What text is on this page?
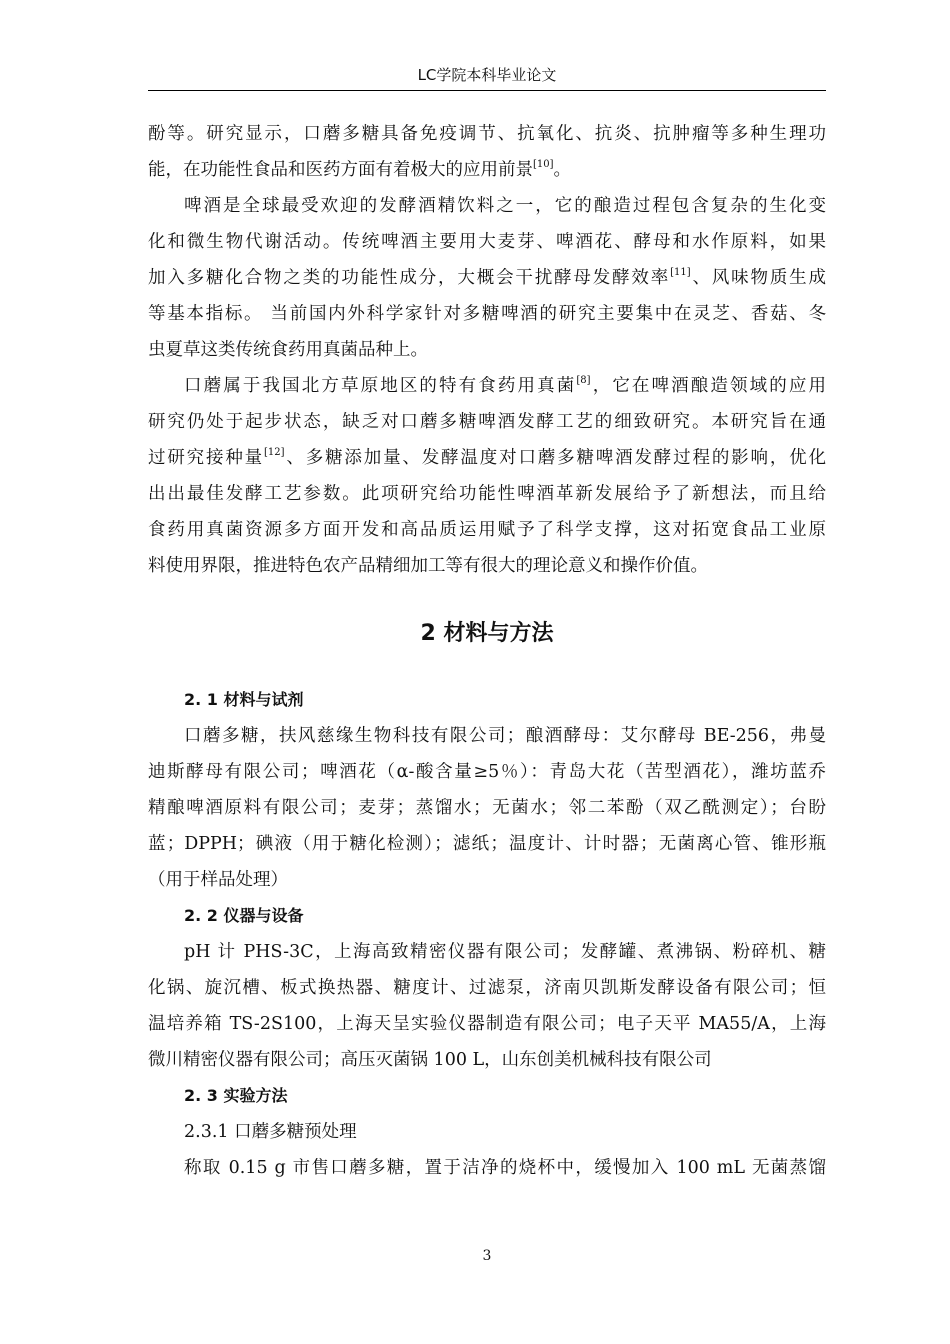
LC学院本科毕业论文
酚等。研究显示，口蘑多糖具备免疫调节、抗氧化、抗炎、抗肿瘤等多种生理功
能，在功能性食品和医药方面有着极大的应用前景[10]。
啤酒是全球最受欢迎的发酵酒精饮料之一，它的酿造过程包含复杂的生化变
化和微生物代谢活动。传统啤酒主要用大麦芽、啤酒花、酵母和水作原料，如果
加入多糖化合物之类的功能性成分，大概会干扰酵母发酵效率[11]、风味物质生成
等基本指标。 当前国内外科学家针对多糖啤酒的研究主要集中在灵芝、香菇、冬
虫夏草这类传统食药用真菌品种上。
口蘑属于我国北方草原地区的特有食药用真菌[8]，它在啤酒酿造领域的应用
研究仍处于起步状态，缺乏对口蘑多糖啤酒发酵工艺的细致研究。本研究旨在通
过研究接种量[12]、多糖添加量、发酵温度对口蘑多糖啤酒发酵过程的影响，优化
出出最佳发酵工艺参数。此项研究给功能性啤酒革新发展给予了新想法，而且给
食药用真菌资源多方面开发和高品质运用赋予了科学支撑，这对拓宽食品工业原
料使用界限，推进特色农产品精细加工等有很大的理论意义和操作价值。
2 材料与方法
2. 1 材料与试剂
口蘑多糖，扶风慈缘生物科技有限公司；酿酒酵母：艾尔酵母 BE-256，弗曼
迪斯酵母有限公司；啤酒花（α-酸含量≥5％）：青岛大花（苦型酒花），潍坊蓝乔
精酿啤酒原料有限公司；麦芽；蒸馏水；无菌水；邻二苯酚（双乙酰测定）；台盼
蓝；DPPH；碘液（用于糖化检测）；滤纸；温度计、计时器；无菌离心管、锥形瓶
（用于样品处理）
2. 2 仪器与设备
pH 计 PHS-3C，上海高致精密仪器有限公司；发酵罐、煮沸锅、粉碎机、糖
化锅、旋沉槽、板式换热器、糖度计、过滤泵，济南贝凯斯发酵设备有限公司；恒
温培养箱 TS-2S100，上海天呈实验仪器制造有限公司；电子天平 MA55/A，上海
微川精密仪器有限公司；高压灭菌锅 100 L，山东创美机械科技有限公司
2. 3 实验方法
2.3.1 口蘑多糖预处理
称取 0.15 g 市售口蘑多糖，置于洁净的烧杯中，缓慢加入 100 mL 无菌蒸馏
3
